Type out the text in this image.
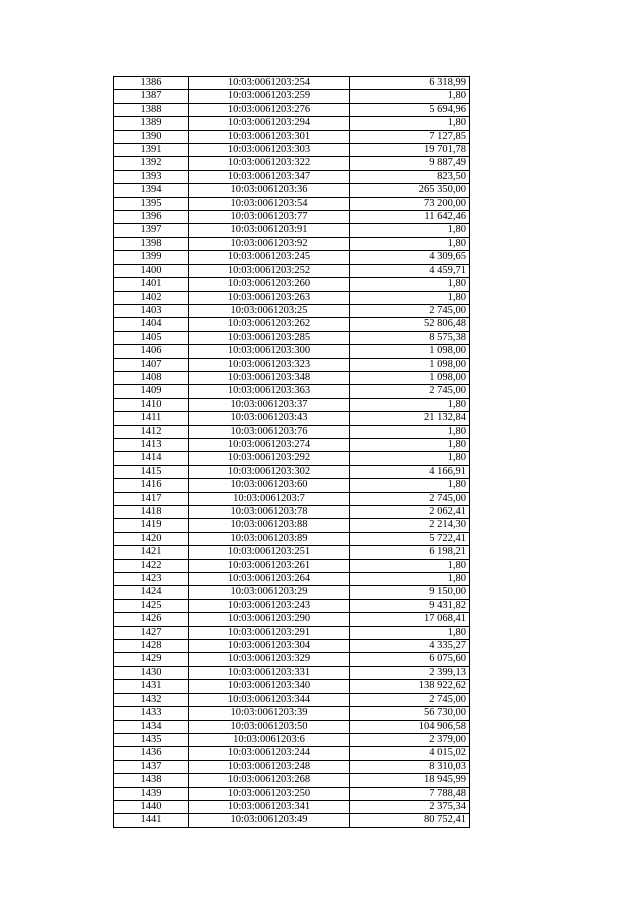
1386	10:03:0061203:254	6 318,99
1387	10:03:0061203:259	1,80
1388	10:03:0061203:276	5 694,96
1389	10:03:0061203:294	1,80
1390	10:03:0061203:301	7 127,85
1391	10:03:0061203:303	19 701,78
1392	10:03:0061203:322	9 887,49
1393	10:03:0061203:347	823,50
1394	10:03:0061203:36	265 350,00
1395	10:03:0061203:54	73 200,00
1396	10:03:0061203:77	11 642,46
1397	10:03:0061203:91	1,80
1398	10:03:0061203:92	1,80
1399	10:03:0061203:245	4 309,65
1400	10:03:0061203:252	4 459,71
1401	10:03:0061203:260	1,80
1402	10:03:0061203:263	1,80
1403	10:03:0061203:25	2 745,00
1404	10:03:0061203:262	52 806,48
1405	10:03:0061203:285	8 575,38
1406	10:03:0061203:300	1 098,00
1407	10:03:0061203:323	1 098,00
1408	10:03:0061203:348	1 098,00
1409	10:03:0061203:363	2 745,00
1410	10:03:0061203:37	1,80
1411	10:03:0061203:43	21 132,84
1412	10:03:0061203:76	1,80
1413	10:03:0061203:274	1,80
1414	10:03:0061203:292	1,80
1415	10:03:0061203:302	4 166,91
1416	10:03:0061203:60	1,80
1417	10:03:0061203:7	2 745,00
1418	10:03:0061203:78	2 062,41
1419	10:03:0061203:88	2 214,30
1420	10:03:0061203:89	5 722,41
1421	10:03:0061203:251	6 198,21
1422	10:03:0061203:261	1,80
1423	10:03:0061203:264	1,80
1424	10:03:0061203:29	9 150,00
1425	10:03:0061203:243	9 431,82
1426	10:03:0061203:290	17 068,41
1427	10:03:0061203:291	1,80
1428	10:03:0061203:304	4 335,27
1429	10:03:0061203:329	6 075,60
1430	10:03:0061203:331	2 399,13
1431	10:03:0061203:340	138 922,62
1432	10:03:0061203:344	2 745,00
1433	10:03:0061203:39	56 730,00
1434	10:03:0061203:50	104 906,58
1435	10:03:0061203:6	2 379,00
1436	10:03:0061203:244	4 015,02
1437	10:03:0061203:248	8 310,03
1438	10:03:0061203:268	18 945,99
1439	10:03:0061203:250	7 788,48
1440	10:03:0061203:341	2 375,34
1441	10:03:0061203:49	80 752,41
